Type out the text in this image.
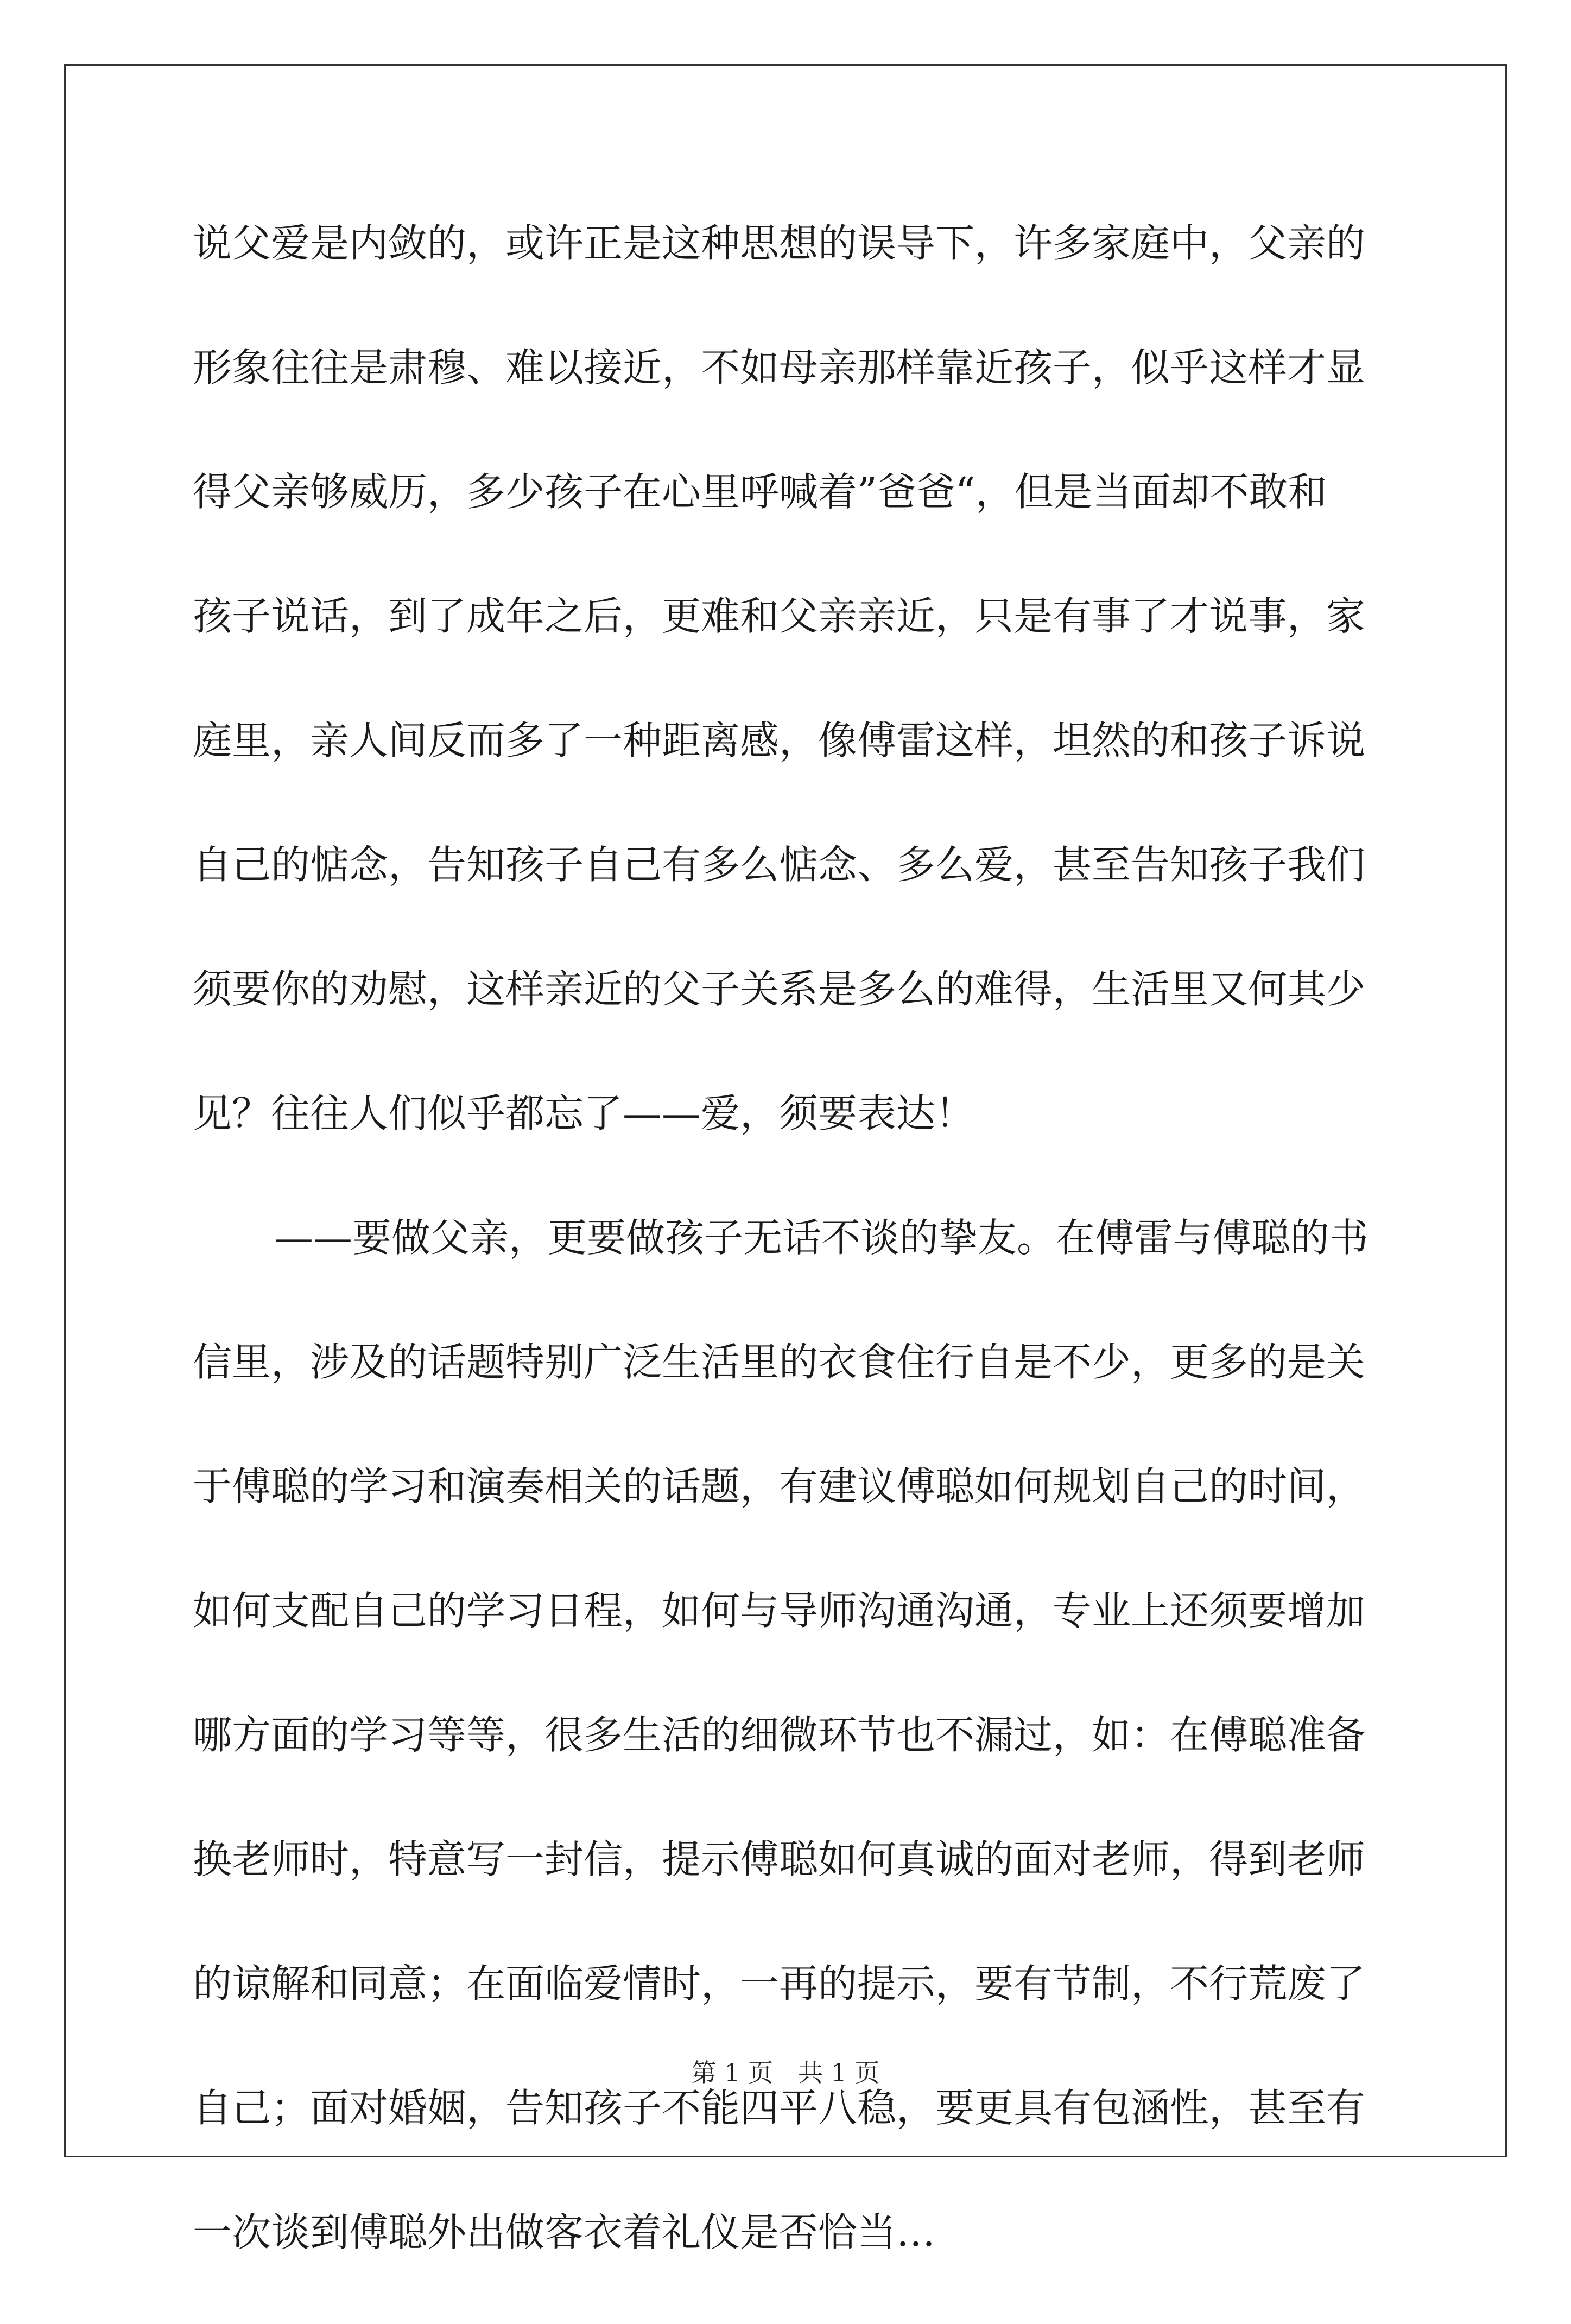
说父爱是内敛的，或许正是这种思想的误导下，许多家庭中，父亲的
形象往往是肃穆、难以接近，不如母亲那样靠近孩子，似乎这样才显
得父亲够威历，多少孩子在心里呼喊着”爸爸“，但是当面却不敢和
孩子说话，到了成年之后，更难和父亲亲近，只是有事了才说事，家
庭里，亲人间反而多了一种距离感，像傅雷这样，坦然的和孩子诉说
自己的惦念，告知孩子自己有多么惦念、多么爱，甚至告知孩子我们
须要你的劝慰，这样亲近的父子关系是多么的难得，生活里又何其少
见？往往人们似乎都忘了——爱，须要表达！
——要做父亲，更要做孩子无话不谈的挚友。在傅雷与傅聪的书
信里，涉及的话题特别广泛生活里的衣食住行自是不少，更多的是关
于傅聪的学习和演奏相关的话题，有建议傅聪如何规划自己的时间，
如何支配自己的学习日程，如何与导师沟通沟通，专业上还须要增加
哪方面的学习等等，很多生活的细微环节也不漏过，如：在傅聪准备
换老师时，特意写一封信，提示傅聪如何真诚的面对老师，得到老师
的谅解和同意；在面临爱情时，一再的提示，要有节制，不行荒废了
自己；面对婚姻，告知孩子不能四平八稳，要更具有包涵性，甚至有
一次谈到傅聪外出做客衣着礼仪是否恰当…
第 1 页　共 1 页
